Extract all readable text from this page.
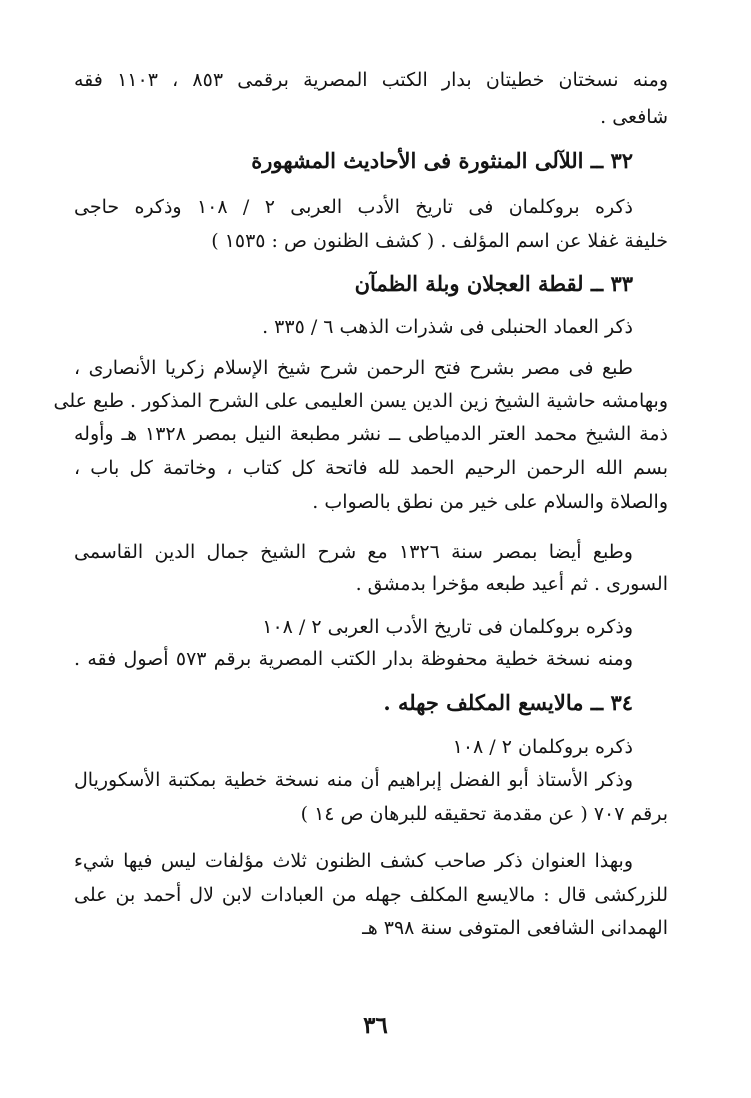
ومنه نسختان خطيتان بدار الكتب المصرية برقمى ٨٥٣ ، ١١٠٣ فقه
شافعى .
٣٢ ــ اللآلى المنثورة فى الأحاديث المشهورة
ذكره بروكلمان فى تاريخ الأدب العربى ٢ / ١٠٨ وذكره حاجى
خليفة غفلا عن اسم المؤلف . ( كشف الظنون ص : ١٥٣٥ )
٣٣ ــ لقطة العجلان وبلة الظمآن
ذكر العماد الحنبلى فى شذرات الذهب ٦ / ٣٣٥ .
طبع فى مصر بشرح فتح الرحمن شرح شيخ الإسلام زكريا الأنصارى ،
وبهامشه حاشية الشيخ زين الدين يسن العليمى على الشرح المذكور . طبع على
ذمة الشيخ محمد العتر الدمياطى ــ نشر مطبعة النيل بمصر ١٣٢٨ هـ وأوله
بسم الله الرحمن الرحيم الحمد لله فاتحة كل كتاب ، وخاتمة كل باب ،
والصلاة والسلام على خير من نطق بالصواب .
وطبع أيضا بمصر سنة ١٣٢٦ مع شرح الشيخ جمال الدين القاسمى
السورى . ثم أعيد طبعه مؤخرا بدمشق .
وذكره بروكلمان فى تاريخ الأدب العربى ٢ / ١٠٨
ومنه نسخة خطية محفوظة بدار الكتب المصرية برقم ٥٧٣ أصول فقه .
٣٤ ــ مالايسع المكلف جهله .
ذكره بروكلمان ٢ / ١٠٨
وذكر الأستاذ أبو الفضل إبراهيم أن منه نسخة خطية بمكتبة الأسكوريال
برقم ٧٠٧ ( عن مقدمة تحقيقه للبرهان ص ١٤ )
وبهذا العنوان ذكر صاحب كشف الظنون ثلاث مؤلفات ليس فيها شيء
للزركشى قال : مالايسع المكلف جهله من العبادات لابن لال أحمد بن على
الهمدانى الشافعى المتوفى سنة ٣٩٨ هـ
٣٦
